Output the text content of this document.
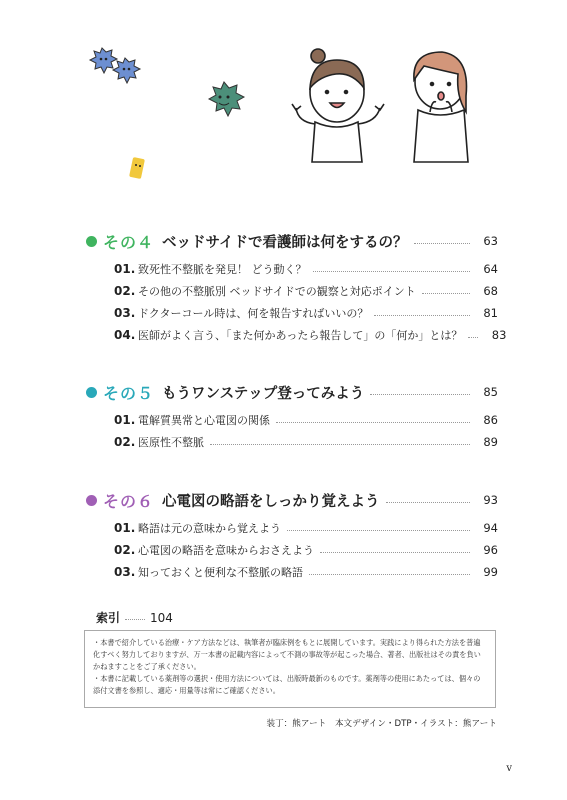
その４ ベッドサイドで看護師は何をするの？	63
01. 致死性不整脈を発見！ どう動く？	64
02. その他の不整脈別 ベッドサイドでの観察と対応ポイント	68
03. ドクターコール時は、何を報告すればいいの？	81
04. 医師がよく言う、「また何かあったら報告して」の「何か」とは？	83
その５ もうワンステップ登ってみよう	85
01. 電解質異常と心電図の関係	86
02. 医原性不整脈	89
その６ 心電図の略語をしっかり覚えよう	93
01. 略語は元の意味から覚えよう	94
02. 心電図の略語を意味からおさえよう	96
03. 知っておくと便利な不整脈の略語	99
索引	104

・本書で紹介している治療・ケア方法などは、執筆者が臨床例をもとに展開しています。実践により得られた方法を普遍化すべく努力しておりますが、万一本書の記載内容によって不測の事故等が起こった場合、著者、出版社はその責を負いかねますことをご了承ください。

・本書に記載している薬剤等の選択・使用方法については、出版時最新のものです。薬剤等の使用にあたっては、個々の添付文書を参照し、適応・用量等は常にご確認ください。

装丁：熊アート　本文デザイン・DTP・イラスト：熊アート
v
